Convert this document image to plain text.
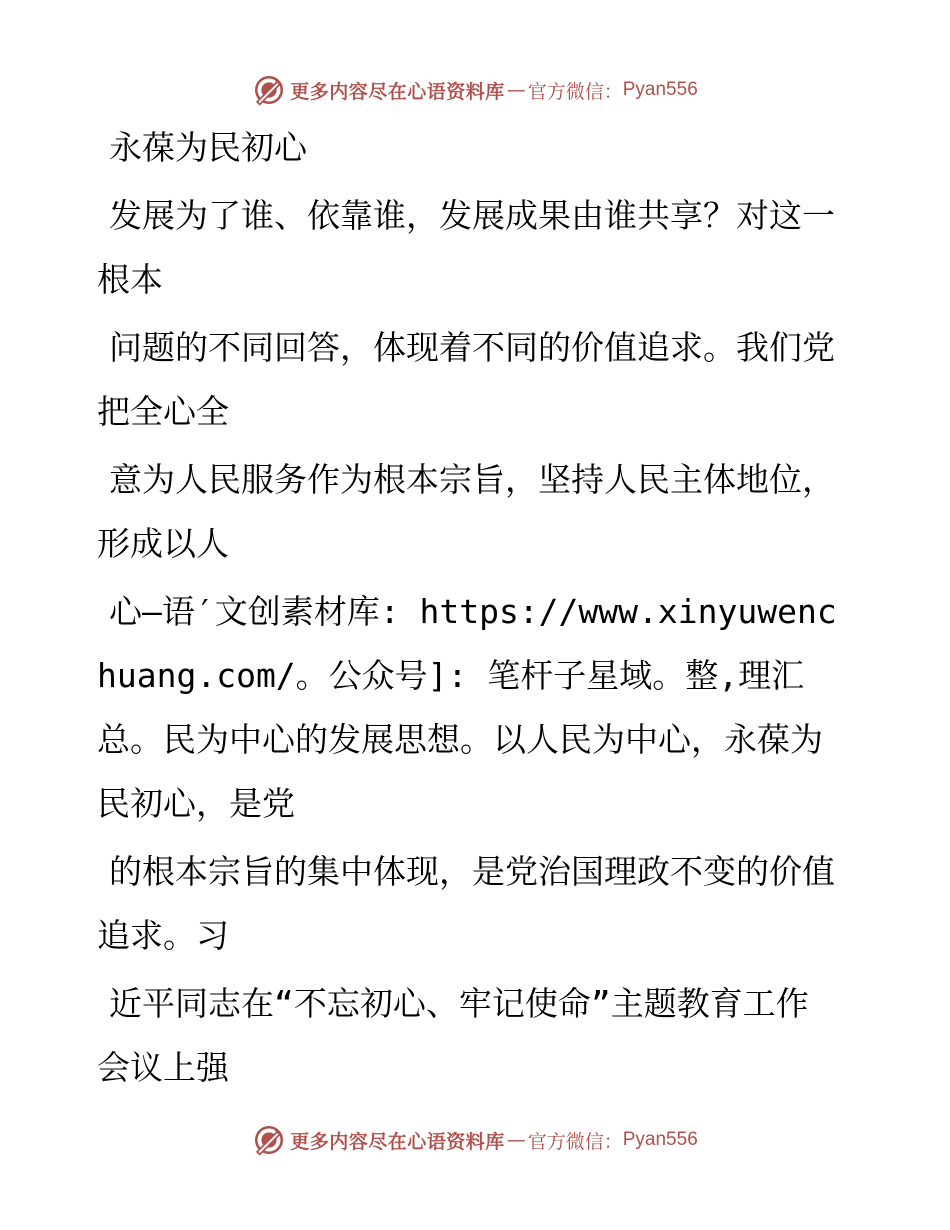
更多内容尽在心语资料库 — 官方微信： Pyan556

永葆为民初心

发展为了谁、依靠谁，发展成果由谁共享？对这一根本

问题的不同回答，体现着不同的价值追求。我们党把全心全

意为人民服务作为根本宗旨，坚持人民主体地位，形成以人

心—语′文创素材库: https://www.xinyuwenchuang.com/。公众号]: 笔杆子星域。整,理汇总。民为中心的发展思想。以人民为中心，永葆为民初心，是党

的根本宗旨的集中体现，是党治国理政不变的价值追求。习

近平同志在“不忘初心、牢记使命”主题教育工作会议上强

更多内容尽在心语资料库 — 官方微信： Pyan556
